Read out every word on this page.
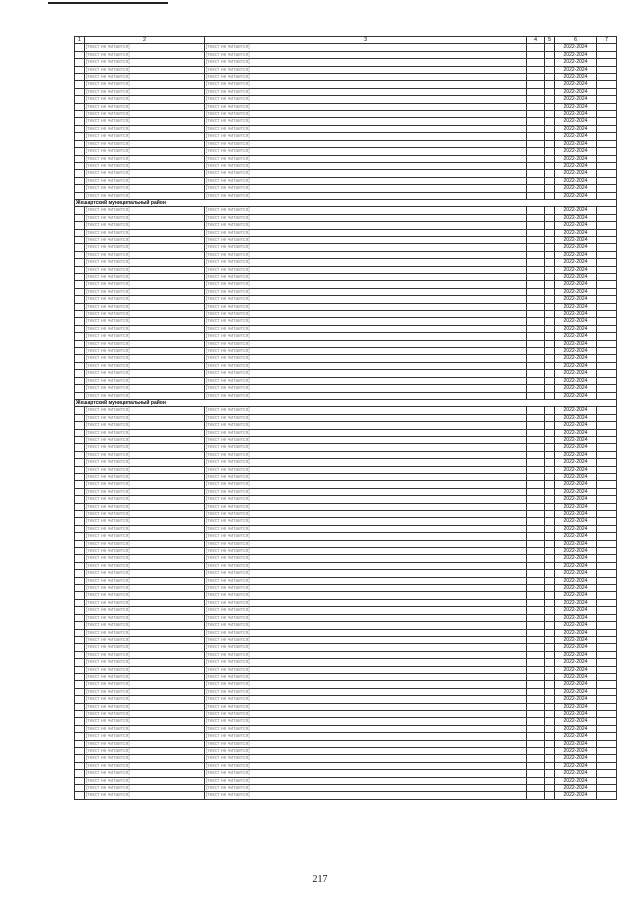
1	2	3	4	5	6	7
	[текст не читается]	[текст не читается]			2022-2024	
	[текст не читается]	[текст не читается]			2022-2024	
	[текст не читается]	[текст не читается]			2022-2024	
	[текст не читается]	[текст не читается]			2022-2024	
	[текст не читается]	[текст не читается]			2022-2024	
	[текст не читается]	[текст не читается]			2022-2024	
	[текст не читается]	[текст не читается]			2022-2024	
	[текст не читается]	[текст не читается]			2022-2024	
	[текст не читается]	[текст не читается]			2022-2024	
	[текст не читается]	[текст не читается]			2022-2024	
	[текст не читается]	[текст не читается]			2022-2024	
	[текст не читается]	[текст не читается]			2022-2024	
	[текст не читается]	[текст не читается]			2022-2024	
	[текст не читается]	[текст не читается]			2022-2024	
	[текст не читается]	[текст не читается]			2022-2024	
	[текст не читается]	[текст не читается]			2022-2024	
	[текст не читается]	[текст не читается]			2022-2024	
	[текст не читается]	[текст не читается]			2022-2024	
	[текст не читается]	[текст не читается]			2022-2024	
	[текст не читается]	[текст не читается]			2022-2024	
	[текст не читается]	[текст не читается]			2022-2024	
Жешартский муниципальный район						
	[текст не читается]	[текст не читается]			2022-2024	
	[текст не читается]	[текст не читается]			2022-2024	
	[текст не читается]	[текст не читается]			2022-2024	
	[текст не читается]	[текст не читается]			2022-2024	
	[текст не читается]	[текст не читается]			2022-2024	
	[текст не читается]	[текст не читается]			2022-2024	
	[текст не читается]	[текст не читается]			2022-2024	
	[текст не читается]	[текст не читается]			2022-2024	
	[текст не читается]	[текст не читается]			2022-2024	
	[текст не читается]	[текст не читается]			2022-2024	
	[текст не читается]	[текст не читается]			2022-2024	
	[текст не читается]	[текст не читается]			2022-2024	
	[текст не читается]	[текст не читается]			2022-2024	
	[текст не читается]	[текст не читается]			2022-2024	
	[текст не читается]	[текст не читается]			2022-2024	
	[текст не читается]	[текст не читается]			2022-2024	
	[текст не читается]	[текст не читается]			2022-2024	
	[текст не читается]	[текст не читается]			2022-2024	
	[текст не читается]	[текст не читается]			2022-2024	
	[текст не читается]	[текст не читается]			2022-2024	
	[текст не читается]	[текст не читается]			2022-2024	
	[текст не читается]	[текст не читается]			2022-2024	
	[текст не читается]	[текст не читается]			2022-2024	
	[текст не читается]	[текст не читается]			2022-2024	
	[текст не читается]	[текст не читается]			2022-2024	
	[текст не читается]	[текст не читается]			2022-2024	
Жешартский муниципальный район						
	[текст не читается]	[текст не читается]			2022-2024	
	[текст не читается]	[текст не читается]			2022-2024	
	[текст не читается]	[текст не читается]			2022-2024	
	[текст не читается]	[текст не читается]			2022-2024	
	[текст не читается]	[текст не читается]			2022-2024	
	[текст не читается]	[текст не читается]			2022-2024	
	[текст не читается]	[текст не читается]			2022-2024	
	[текст не читается]	[текст не читается]			2022-2024	
	[текст не читается]	[текст не читается]			2022-2024	
	[текст не читается]	[текст не читается]			2022-2024	
	[текст не читается]	[текст не читается]			2022-2024	
	[текст не читается]	[текст не читается]			2022-2024	
	[текст не читается]	[текст не читается]			2022-2024	
	[текст не читается]	[текст не читается]			2022-2024	
	[текст не читается]	[текст не читается]			2022-2024	
	[текст не читается]	[текст не читается]			2022-2024	
	[текст не читается]	[текст не читается]			2022-2024	
	[текст не читается]	[текст не читается]			2022-2024	
	[текст не читается]	[текст не читается]			2022-2024	
	[текст не читается]	[текст не читается]			2022-2024	
	[текст не читается]	[текст не читается]			2022-2024	
	[текст не читается]	[текст не читается]			2022-2024	
	[текст не читается]	[текст не читается]			2022-2024	
	[текст не читается]	[текст не читается]			2022-2024	
	[текст не читается]	[текст не читается]			2022-2024	
	[текст не читается]	[текст не читается]			2022-2024	
	[текст не читается]	[текст не читается]			2022-2024	
	[текст не читается]	[текст не читается]			2022-2024	
	[текст не читается]	[текст не читается]			2022-2024	
	[текст не читается]	[текст не читается]			2022-2024	
	[текст не читается]	[текст не читается]			2022-2024	
	[текст не читается]	[текст не читается]			2022-2024	
	[текст не читается]	[текст не читается]			2022-2024	
	[текст не читается]	[текст не читается]			2022-2024	
	[текст не читается]	[текст не читается]			2022-2024	
	[текст не читается]	[текст не читается]			2022-2024	
	[текст не читается]	[текст не читается]			2022-2024	
	[текст не читается]	[текст не читается]			2022-2024	
	[текст не читается]	[текст не читается]			2022-2024	
	[текст не читается]	[текст не читается]			2022-2024	
	[текст не читается]	[текст не читается]			2022-2024	
	[текст не читается]	[текст не читается]			2022-2024	
	[текст не читается]	[текст не читается]			2022-2024	
	[текст не читается]	[текст не читается]			2022-2024	
	[текст не читается]	[текст не читается]			2022-2024	
	[текст не читается]	[текст не читается]			2022-2024	
	[текст не читается]	[текст не читается]			2022-2024	
	[текст не читается]	[текст не читается]			2022-2024	
	[текст не читается]	[текст не читается]			2022-2024	
	[текст не читается]	[текст не читается]			2022-2024	
	[текст не читается]	[текст не читается]			2022-2024	
	[текст не читается]	[текст не читается]			2022-2024	
	[текст не читается]	[текст не читается]			2022-2024	
217
